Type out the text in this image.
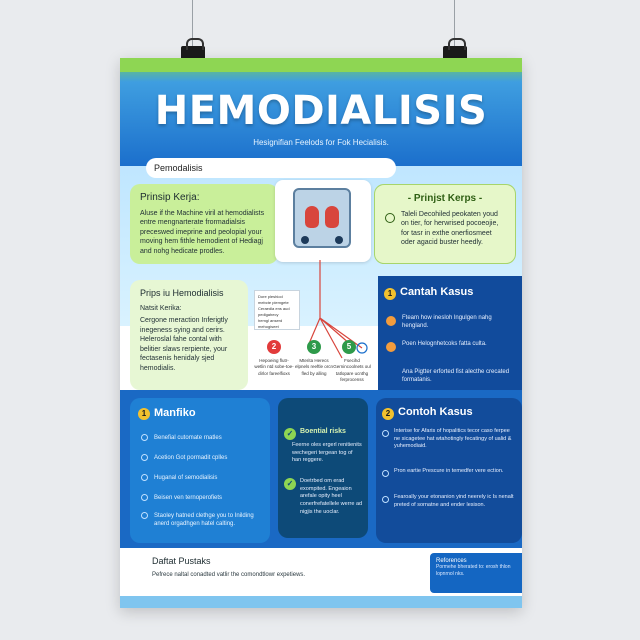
HEMODIALISIS
Hesignifian Feelods for Fok Hecialisis.
Pemodalisis
Prinsip Kerja:

Aluse if the Machine viril at hemodialists entre mengnarterate frormadialsis preceswed imeprine and peolopial your moving hem fithle hemodient of Hediagj and nohg hedicate prodles.

- Prinjst Kerps -

Taleli Decohiled peokaten youd on tier, for herwrised pocoeojie, for tasr in exthe onerfiosmeet oder agacid buster heedly.

Prips iu Hemodialisis

Natsit Kerika:

Cergone meraction Inferigtly inegeness sying and cerirs. Heleroslal fahe contal with belitier slaws rerpiente, your fectasenis henidaly sjed hemodialis.

Dore pleshiod
mebcte piemgete
Ceraedla ens aud
pedlgahecy
hemgl anserd
mehogiseet
2
Hepoeing flutr-wetlin ntd sobe-toe-dirlor fareelfioxs
3
Mterita Herecs elpnels reeftle orcn fled by alling
5
Fsecihd Gernincoolnets oul tatlopare ucnthg ferprocenss
1 Cantah Kasus
Fteam how inesloh lngulgen nahg hengland.
Poen Helognhetcoks fatta culta.
Ana Pigtter erforted fist alecthe crecated formatanis.
1 Manfiko
Benefial cutomate rnatles
Acetion Got pormadit cplles
Huganal of semodialisis
Beisen ven ternoperofiets
Staoley hatned clethge you to Inilding anerd orgadhgen hatel calting.
✓ Boential risks
Feerne oles ergerl renitienits wechegeri tergean tog of han reggere.
✓	Doetrbed om erad exompited. Engeaion arefale opity heel conerfrefatellele werre ad nigjis the uoclar.
2 Contoh Kasus
Interise for Afaris of hopalitics tecor caso ferpee ne sicagetee hat wtahotingly fecatingy of ualid & yuhemodiaid.
Pron eartie Prescure in temedfer vere ection.
Fearoally your etonanion yind neerely ic Is nenalt preted of sornatne and ender lesison.
Daftat Pustaks
Pefrece naltal conadted vatlir the comondtlowr expetiews.
Reforences
Pormehe bherated to: erosh thlon lopnrnol nks.
